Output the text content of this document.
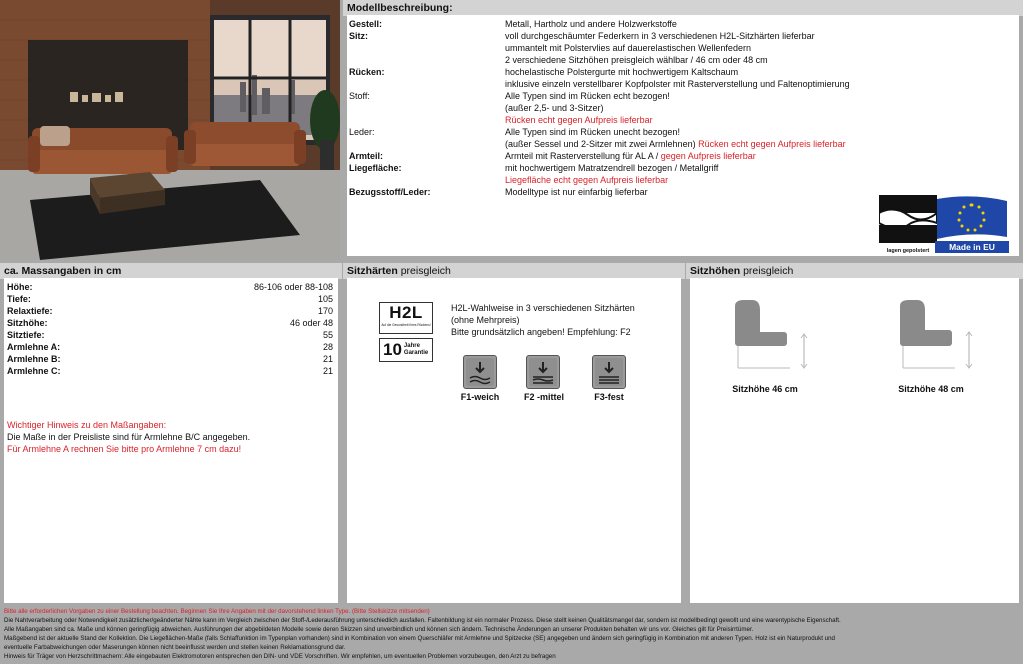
Modellbeschreibung:
Gestell:	Metall, Hartholz und andere Holzwerkstoffe
Sitz:	voll durchgeschäumter Federkern in 3 verschiedenen H2L-Sitzhärten lieferbar
ummantelt mit Polstervlies auf dauerelastischen Wellenfedern
2 verschiedene Sitzhöhen preisgleich wählbar / 46 cm oder 48 cm
Rücken:	hochelastische Polstergurte mit hochwertigem Kaltschaum
inklusive einzeln verstellbarer Kopfpolster mit Rasterverstellung und Faltenoptimierung
Stoff:	Alle Typen sind im Rücken echt bezogen!
(außer 2,5- und 3-Sitzer)
Rücken echt gegen Aufpreis lieferbar
Leder:	Alle Typen sind im Rücken unecht bezogen!
(außer Sessel und 2-Sitzer mit zwei Armlehnen) Rücken echt gegen Aufpreis lieferbar
Armteil:	Armteil mit Rasterverstellung für AL A / gegen Aufpreis lieferbar
Liegefläche:	mit hochwertigem Matratzendrell bezogen / Metallgriff
Liegefläche echt gegen Aufpreis lieferbar
Bezugsstoff/Leder:	Modelltype ist nur einfarbig lieferbar
lagen gepolstert	Made in EU
ca. Massangaben in cm
Höhe:	86-106 oder 88-108
Tiefe:	105
Relaxtiefe:	170
Sitzhöhe:	46 oder 48
Sitztiefe:	55
Armlehne A:	28
Armlehne B:	21
Armlehne C:	21
Wichtiger Hinweis zu den Maßangaben:
Die Maße in der Preisliste sind für Armlehne B/C angegeben.
Für Armlehne A rechnen Sie bitte pro Armlehne 7 cm dazu!
Sitzhärten preisgleich
H2L
Auf die Gesundheit Ihres Rückens!
10 Jahre Garantie
H2L-Wahlweise in 3 verschiedenen Sitzhärten
(ohne Mehrpreis)
Bitte grundsätzlich angeben! Empfehlung: F2
F1-weich	F2 -mittel	F3-fest
Sitzhöhen preisgleich
Sitzhöhe 46 cm	Sitzhöhe 48 cm
Bitte alle erforderlichen Vorgaben zu einer Bestellung beachten. Beginnen Sie Ihre Angaben mit der davorstehend linken Type. (Bitte Stellskizze mitsenden)
Die Nahtverarbeitung oder Notwendigkeit zusätzlicher/geänderter Nähte kann im Vergleich zwischen der Stoff-/Lederausführung unterschiedlich ausfallen. Faltenbildung ist ein normaler Prozess. Diese stellt keinen Qualitätsmangel dar, sondern ist modellbedingt gewollt und eine warentypische Eigenschaft.
Alle Maßangaben sind ca. Maße und können geringfügig abweichen. Ausführungen der abgebildeten Modelle sowie deren Skizzen sind unverbindlich und können sich ändern. Technische Änderungen an unserer Produkten behalten wir uns vor. Gleiches gilt für Preisirrtümer.
Maßgebend ist der aktuelle Stand der Kollektion. Die Liegeflächen-Maße (falls Schlaffunktion im Typenplan vorhanden) sind in Kombination von einem Querschläfer mit Armlehne und Spitzecke (SE) angegeben und ändern sich geringfügig in Kombination mit anderen Typen. Holz ist ein Naturprodukt und
eventuelle Farbabweichungen oder Maserungen können nicht beeinflusst werden und stellen keinen Reklamationsgrund dar.
Hinweis für Träger von Herzschrittmachern: Alle eingebauten Elektromotoren entsprechen den DIN- und VDE Vorschriften. Wir empfehlen, um eventuellen Problemen vorzubeugen, den Arzt zu befragen
